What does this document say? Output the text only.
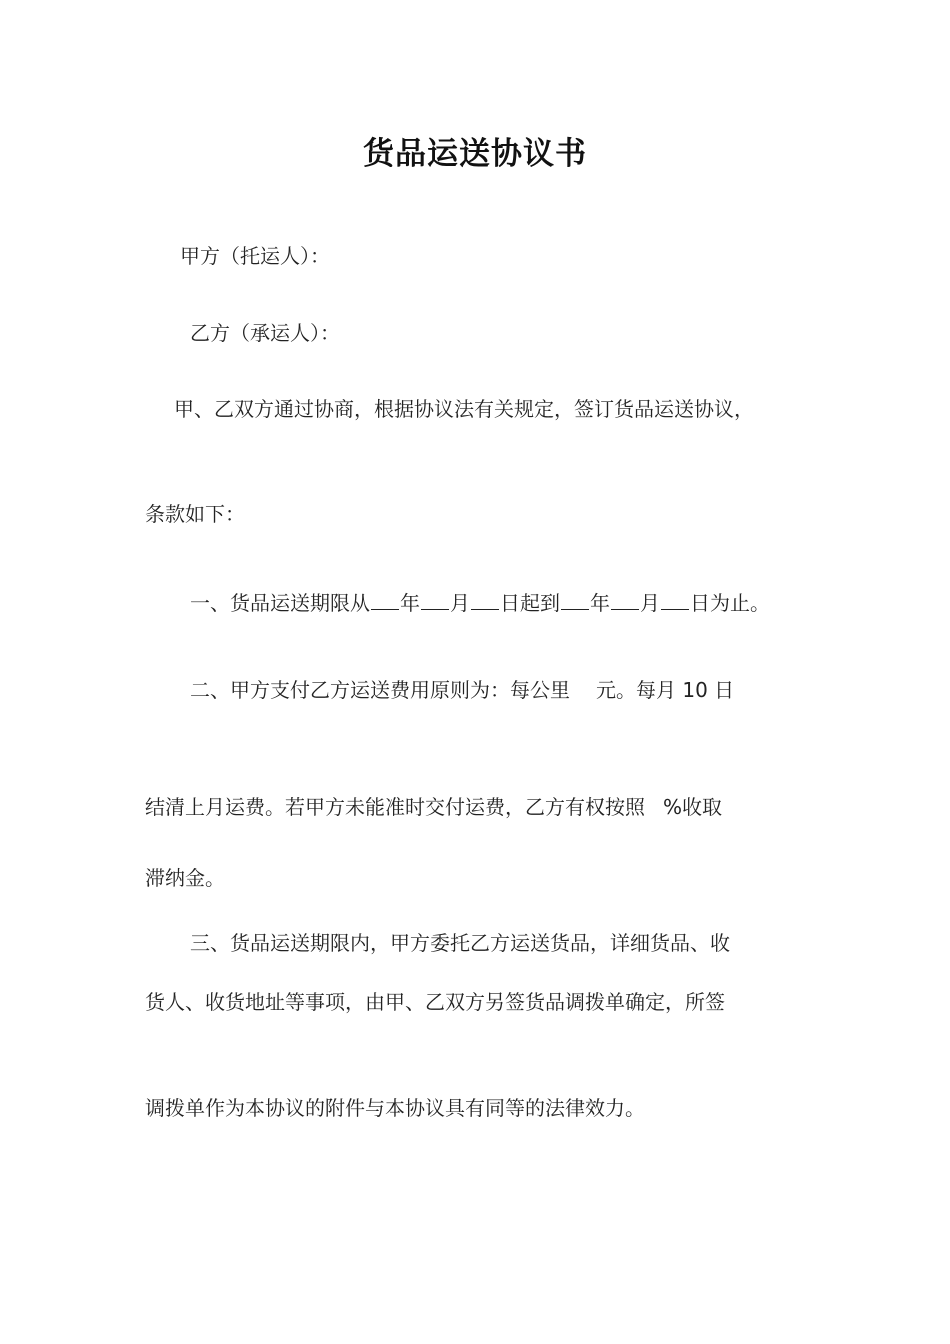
货品运送协议书

甲方（托运人）：

乙方（承运人）：

甲、乙双方通过协商，根据协议法有关规定，签订货品运送协议，

条款如下：

一、货品运送期限从 年 月 日起到 年 月 日为止。

二、甲方支付乙方运送费用原则为：每公里 元。每月 10 日

结清上月运费。若甲方未能准时交付运费，乙方有权按照 %收取

滞纳金。

三、货品运送期限内，甲方委托乙方运送货品，详细货品、收

货人、收货地址等事项，由甲、乙双方另签货品调拨单确定，所签

调拨单作为本协议的附件与本协议具有同等的法律效力。
